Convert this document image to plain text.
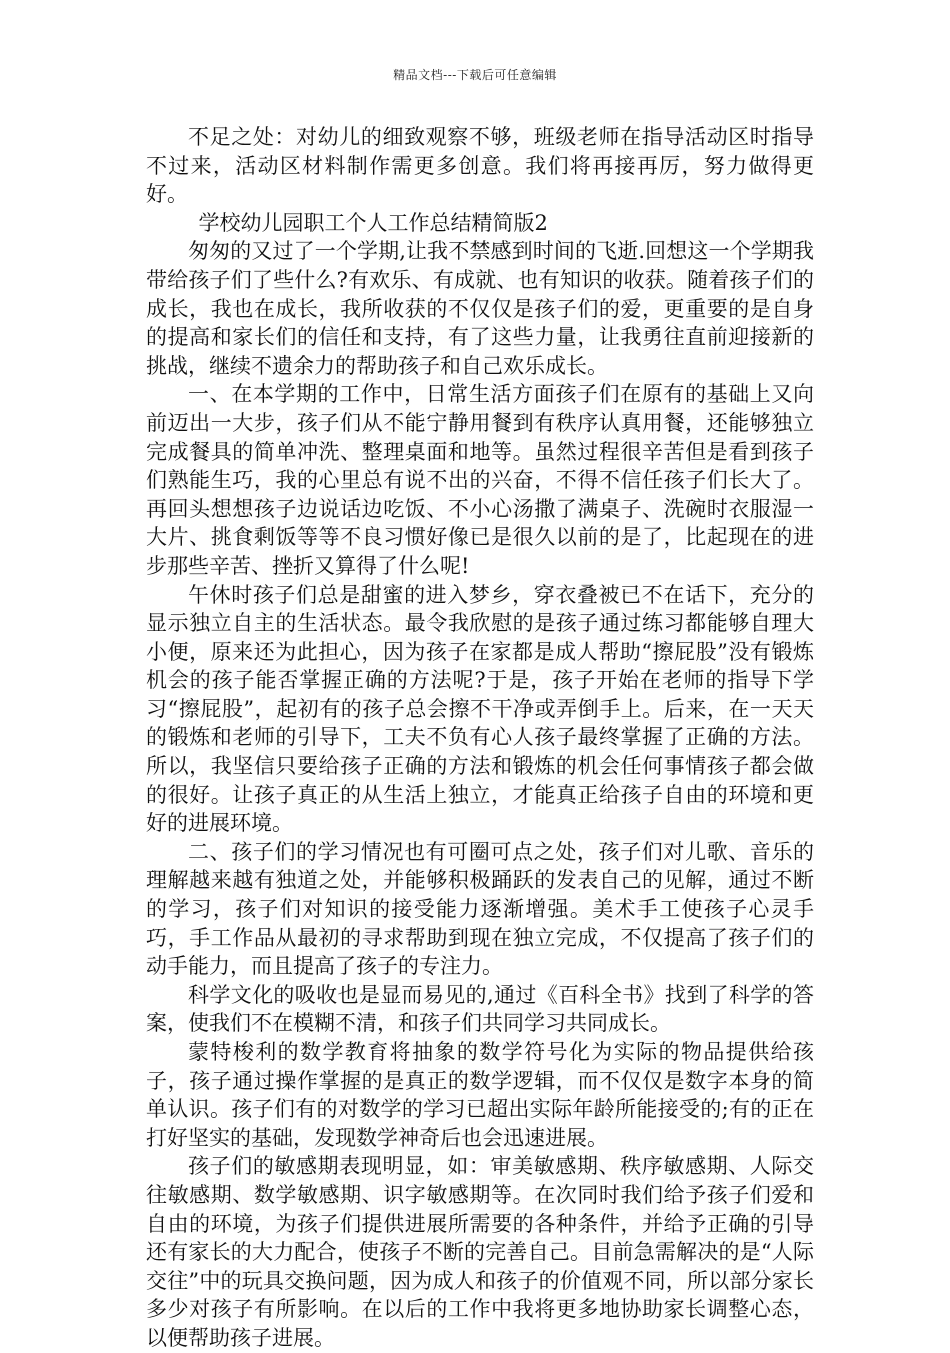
精品文档---下载后可任意编辑

不足之处：对幼儿的细致观察不够，班级老师在指导活动区时指导不过来，活动区材料制作需更多创意。我们将再接再厉，努力做得更好。

学校幼儿园职工个人工作总结精简版2

匆匆的又过了一个学期,让我不禁感到时间的飞逝.回想这一个学期我带给孩子们了些什么?有欢乐、有成就、也有知识的收获。随着孩子们的成长，我也在成长，我所收获的不仅仅是孩子们的爱，更重要的是自身的提高和家长们的信任和支持，有了这些力量，让我勇往直前迎接新的挑战，继续不遗余力的帮助孩子和自己欢乐成长。

一、在本学期的工作中，日常生活方面孩子们在原有的基础上又向前迈出一大步，孩子们从不能宁静用餐到有秩序认真用餐，还能够独立完成餐具的简单冲洗、整理桌面和地等。虽然过程很辛苦但是看到孩子们熟能生巧，我的心里总有说不出的兴奋，不得不信任孩子们长大了。再回头想想孩子边说话边吃饭、不小心汤撒了满桌子、洗碗时衣服湿一大片、挑食剩饭等等不良习惯好像已是很久以前的是了，比起现在的进步那些辛苦、挫折又算得了什么呢!

午休时孩子们总是甜蜜的进入梦乡，穿衣叠被已不在话下，充分的显示独立自主的生活状态。最令我欣慰的是孩子通过练习都能够自理大小便，原来还为此担心，因为孩子在家都是成人帮助“擦屁股”没有锻炼机会的孩子能否掌握正确的方法呢?于是，孩子开始在老师的指导下学习“擦屁股”，起初有的孩子总会擦不干净或弄倒手上。后来，在一天天的锻炼和老师的引导下，工夫不负有心人孩子最终掌握了正确的方法。所以，我坚信只要给孩子正确的方法和锻炼的机会任何事情孩子都会做的很好。让孩子真正的从生活上独立，才能真正给孩子自由的环境和更好的进展环境。

二、孩子们的学习情况也有可圈可点之处，孩子们对儿歌、音乐的理解越来越有独道之处，并能够积极踊跃的发表自己的见解，通过不断的学习，孩子们对知识的接受能力逐渐增强。美术手工使孩子心灵手巧，手工作品从最初的寻求帮助到现在独立完成，不仅提高了孩子们的动手能力，而且提高了孩子的专注力。

科学文化的吸收也是显而易见的,通过《百科全书》找到了科学的答案，使我们不在模糊不清，和孩子们共同学习共同成长。

蒙特梭利的数学教育将抽象的数学符号化为实际的物品提供给孩子，孩子通过操作掌握的是真正的数学逻辑，而不仅仅是数字本身的简单认识。孩子们有的对数学的学习已超出实际年龄所能接受的;有的正在打好坚实的基础，发现数学神奇后也会迅速进展。

孩子们的敏感期表现明显，如：审美敏感期、秩序敏感期、人际交往敏感期、数学敏感期、识字敏感期等。在次同时我们给予孩子们爱和自由的环境，为孩子们提供进展所需要的各种条件，并给予正确的引导还有家长的大力配合，使孩子不断的完善自己。目前急需解决的是“人际交往”中的玩具交换问题，因为成人和孩子的价值观不同，所以部分家长多少对孩子有所影响。在以后的工作中我将更多地协助家长调整心态，以便帮助孩子进展。
